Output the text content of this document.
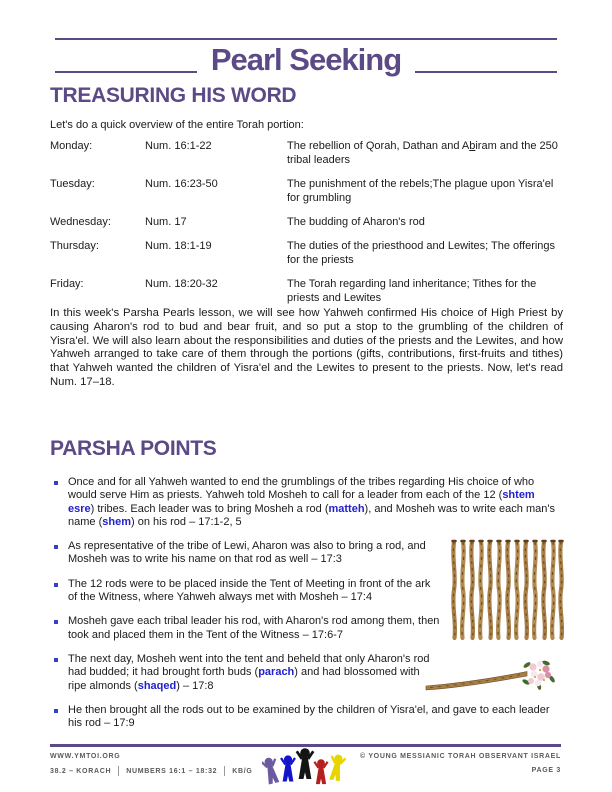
Pearl Seeking
TREASURING HIS WORD
Let's do a quick overview of the entire Torah portion:
Monday:	Num. 16:1-22	The rebellion of Qorah, Dathan and Abiram and the 250 tribal leaders
Tuesday:	Num. 16:23-50	The punishment of the rebels;The plague upon Yisra'el for grumbling
Wednesday:	Num. 17	The budding of Aharon's rod
Thursday:	Num. 18:1-19	The duties of the priesthood and Lewites; The offerings for the priests
Friday:	Num. 18:20-32	The Torah regarding land inheritance; Tithes for the priests and Lewites
In this week's Parsha Pearls lesson, we will see how Yahweh confirmed His choice of High Priest by causing Aharon's rod to bud and bear fruit, and so put a stop to the grumbling of the children of Yisra'el. We will also learn about the responsibilities and duties of the priests and the Lewites, and how Yahweh arranged to take care of them through the portions (gifts, contributions, first-fruits and tithes) that Yahweh wanted the children of Yisra'el and the Lewites to present to the priests. Now, let's read Num. 17–18.
PARSHA POINTS
Once and for all Yahweh wanted to end the grumblings of the tribes regarding His choice of who would serve Him as priests. Yahweh told Mosheh to call for a leader from each of the 12 (shtem esre) tribes. Each leader was to bring Mosheh a rod (matteh), and Mosheh was to write each man's name (shem) on his rod – 17:1-2, 5
As representative of the tribe of Lewi, Aharon was also to bring a rod, and Mosheh was to write his name on that rod as well – 17:3
The 12 rods were to be placed inside the Tent of Meeting in front of the ark of the Witness, where Yahweh always met with Mosheh – 17:4
Mosheh gave each tribal leader his rod, with Aharon's rod among them, then took and placed them in the Tent of the Witness – 17:6-7
The next day, Mosheh went into the tent and beheld that only Aharon's rod had budded; it had brought forth buds (parach) and had blossomed with ripe almonds (shaqed) – 17:8
He then brought all the rods out to be examined by the children of Yisra'el, and gave to each leader his rod – 17:9
WWW.YMTOI.ORG
38.2 – KORACH NUMBERS 16:1 – 18:32 KB/G
© YOUNG MESSIANIC TORAH OBSERVANT ISRAEL
PAGE 3
